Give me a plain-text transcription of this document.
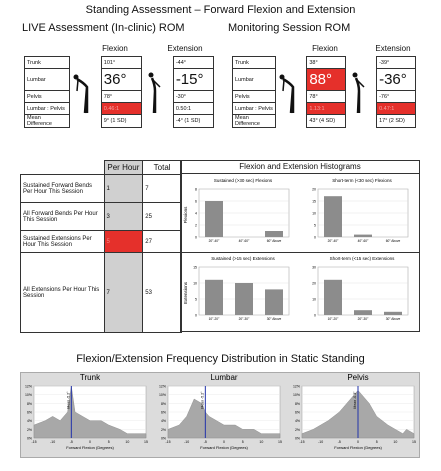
Standing Assessment – Forward Flexion and Extension
LIVE Assessment (In-clinic) ROM
Flexion	Extension
Trunk		101°		-44°
Lumbar		36°		-15°
Pelvis		78°		-30°
Lumbar : Pelvis		0.46:1		0.50:1
Mean Difference		9° (1 SD)		-4° (1 SD)
Monitoring Session ROM
Flexion	Extension
Trunk		38°		-39°
Lumbar		88°		-36°
Pelvis		78°		-76°
Lumbar : Pelvis		1.13:1		0.47:1
Mean Difference		43° (4 SD)		17° (2 SD)
	Per Hour	Total
Sustained Forward Bends Per Hour This Session	1	7
All Forward Bends Per Hour This Session	3	25
Sustained Extensions Per Hour This Session	5	27
All Extensions Per Hour This Session	7	53
Flexion and Extension Histograms
Sustained (>30 sec) Flexions
Flexions
0
2
4
6
8
20°-40°	40°-60°	60° Above
Short-term (<30 sec) Flexions
0
5
10
15
20
20°-40°	40°-60°	60° Above
Sustained (>15 sec) Extensions
Extensions
0
5
10
15
10°-20°	20°-30°	30° Above
Short-term (<15 sec) Extensions
0
10
20
30
10°-20°	20°-30°	30° Above
Flexion/Extension Frequency Distribution in Static Standing
Trunk
0%
2%
4%
6%
8%
10%
12%
-15	-10	-5	0	5	10	15
Mean -5.2°
Forward Flexion (Degrees)
Lumbar
0%
2%
4%
6%
8%
10%
12%
-15	-10	-5	0	5	10	15
Mean -5.2°
Forward Flexion (Degrees)
Pelvis
0%
2%
4%
6%
8%
10%
12%
-15	-10	-5	0	5	10	15
Mean -0.3°
Forward Flexion (Degrees)
